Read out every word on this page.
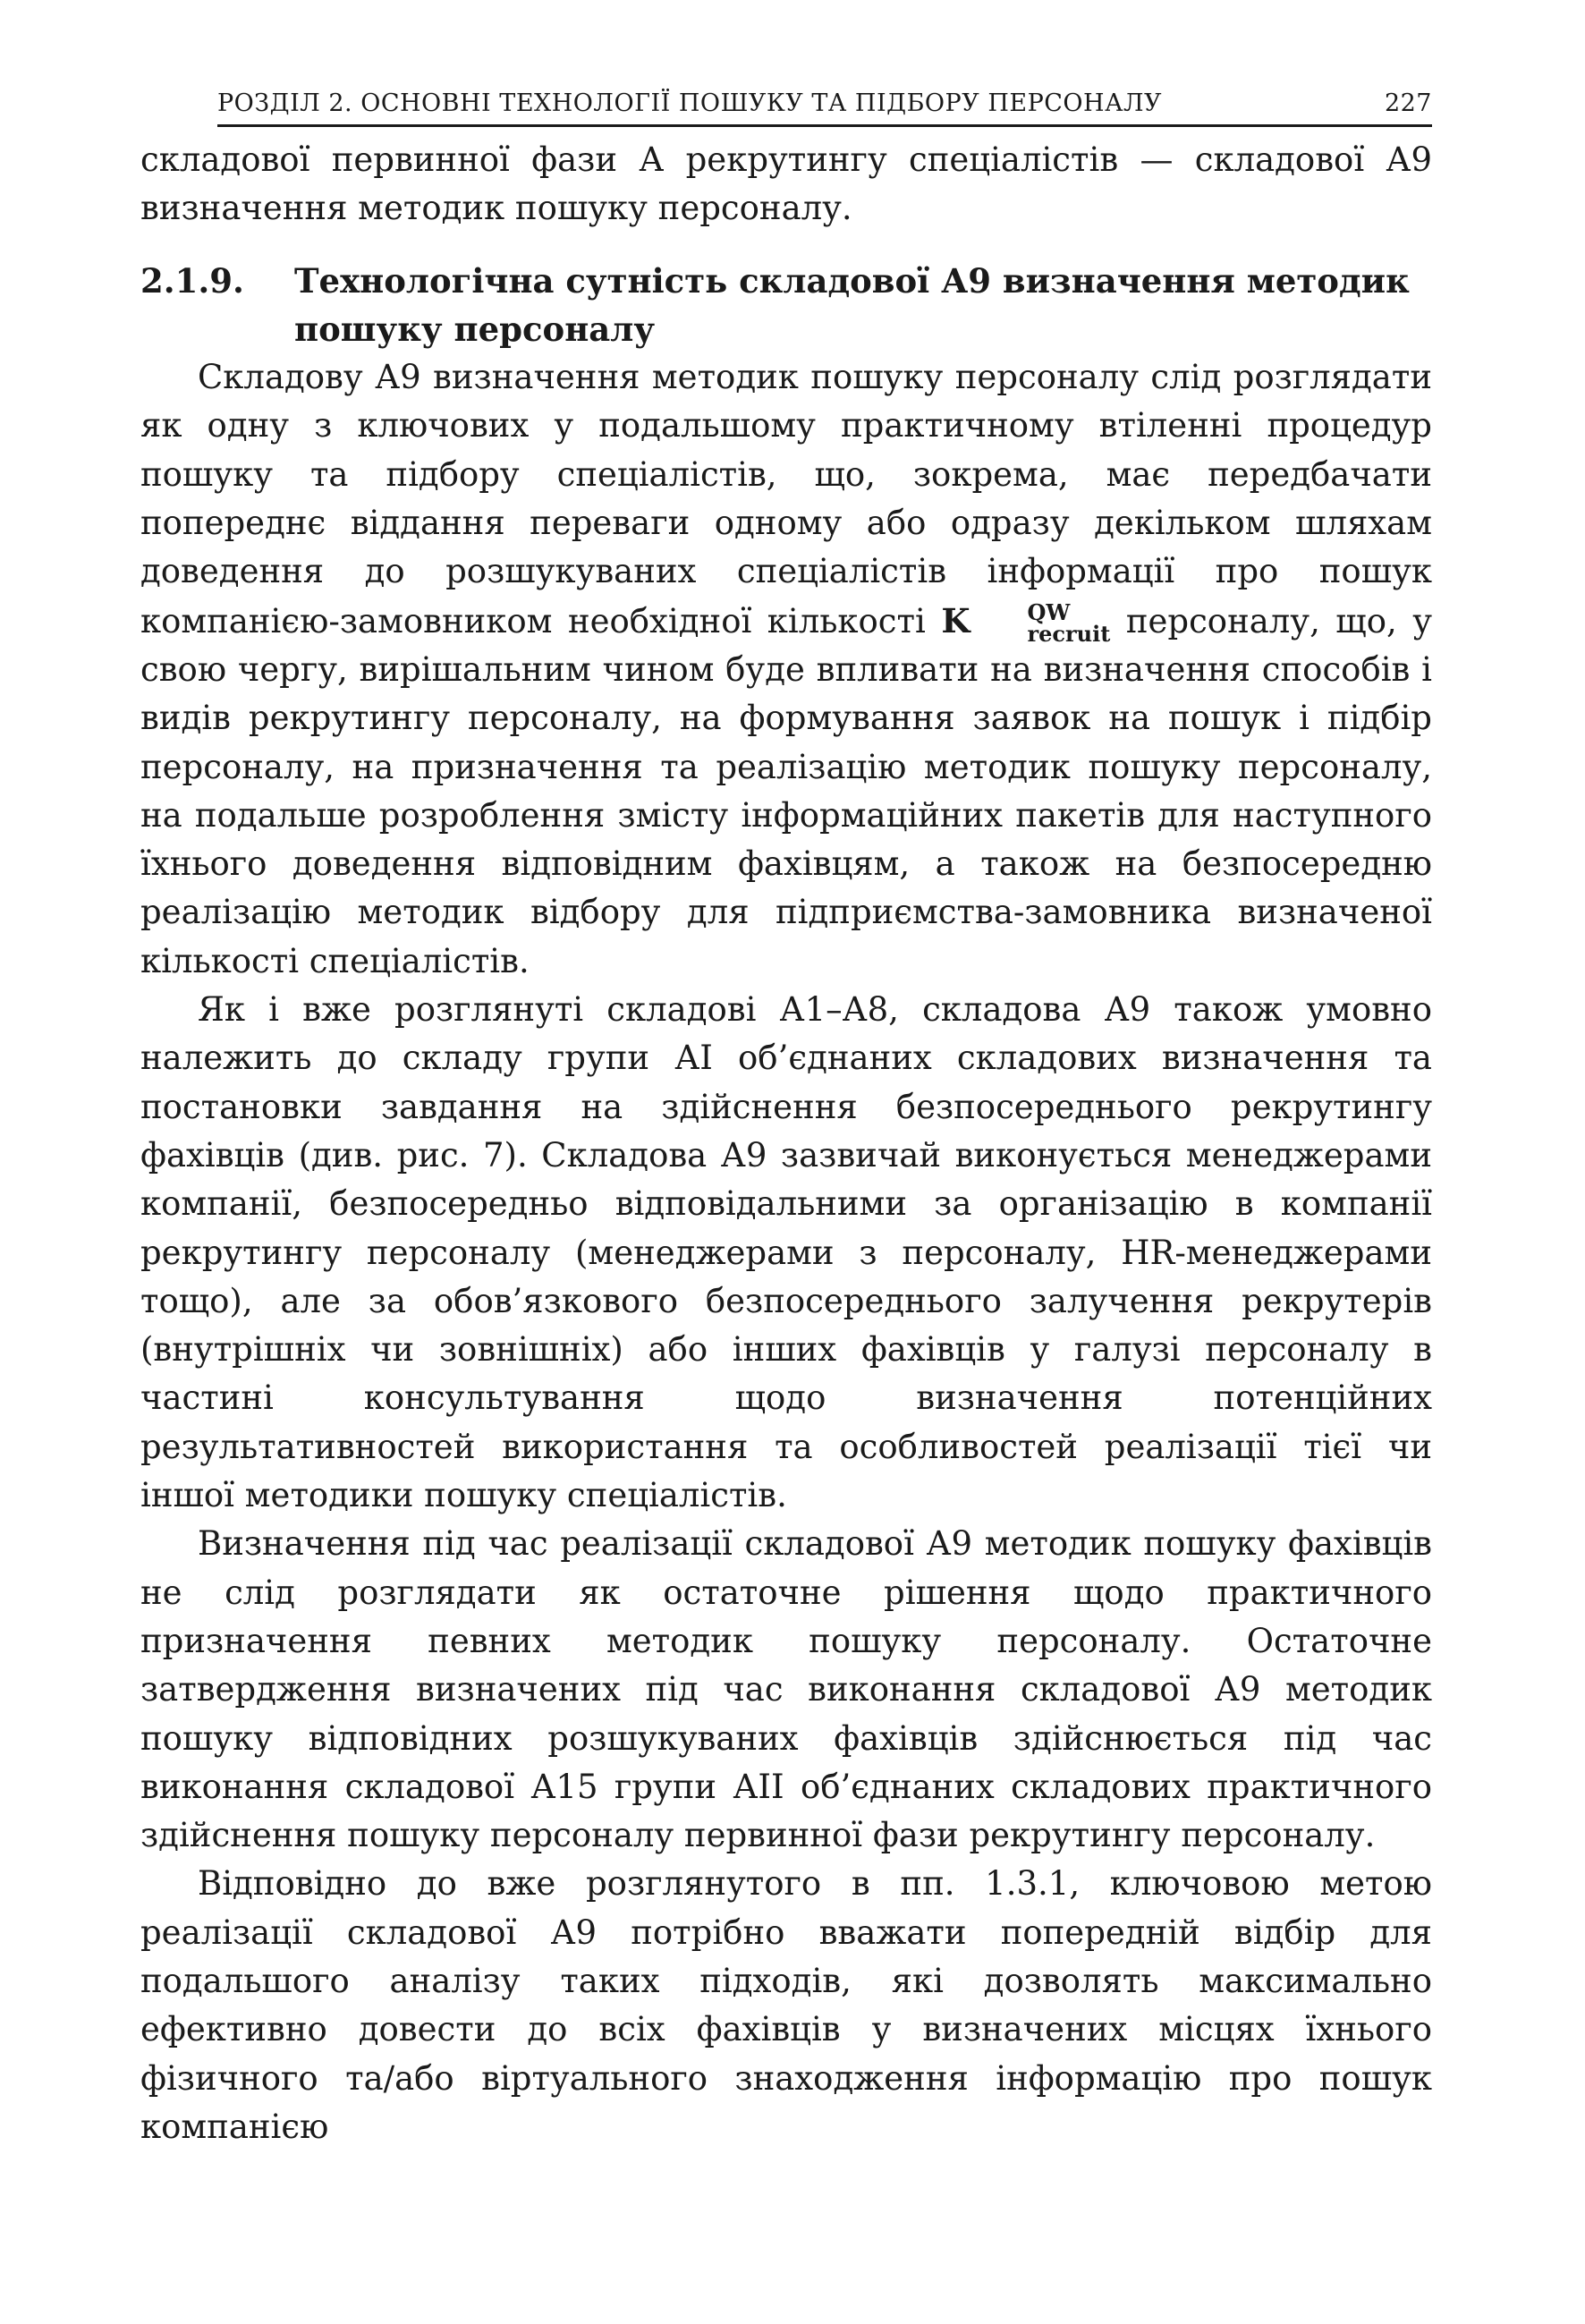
РОЗДІЛ 2. ОСНОВНІ ТЕХНОЛОГІЇ ПОШУКУ ТА ПІДБОРУ ПЕРСОНАЛУ	227

складової первинної фази А рекрутингу спеціалістів — складової А9 визначення методик пошуку персоналу.

2.1.9.	Технологічна сутність складової А9 визначення методик пошуку персоналу

Складову А9 визначення методик пошуку персоналу слід розглядати як одну з ключових у подальшому практичному втіленні процедур пошуку та підбору спеціалістів, що, зокрема, має передбачати попереднє віддання переваги одному або одразу декільком шляхам доведення до розшукуваних спеціалістів інформації про пошук компанією-замовником необхідної кількості K	QW
recruit персоналу, що, у свою чергу, вирішальним чином буде впливати на визначення способів і видів рекрутингу персоналу, на формування заявок на пошук і підбір персоналу, на призначення та реалізацію методик пошуку персоналу, на подальше розроблення змісту інформаційних пакетів для наступного їхнього доведення відповідним фахівцям, а також на безпосередню реалізацію методик відбору для підприємства-замовника визначеної кількості спеціалістів.

Як і вже розглянуті складові А1–А8, складова А9 також умовно належить до складу групи АІ об’єднаних складових визначення та постановки завдання на здійснення безпосереднього рекрутингу фахівців (див. рис. 7). Складова А9 зазвичай виконується менеджерами компанії, безпосередньо відповідальними за організацію в компанії рекрутингу персоналу (менеджерами з персоналу, HR-менеджерами тощо), але за обов’язкового безпосереднього залучення рекрутерів (внутрішніх чи зовнішніх) або інших фахівців у галузі персоналу в частині консультування щодо визначення потенційних результативностей використання та особливостей реалізації тієї чи іншої методики пошуку спеціалістів.

Визначення під час реалізації складової А9 методик пошуку фахівців не слід розглядати як остаточне рішення щодо практичного призначення певних методик пошуку персоналу. Остаточне затвердження визначених під час виконання складової А9 методик пошуку відповідних розшукуваних фахівців здійснюється під час виконання складової А15 групи АІІ об’єднаних складових практичного здійснення пошуку персоналу первинної фази рекрутингу персоналу.

Відповідно до вже розглянутого в пп. 1.3.1, ключовою метою реалізації складової А9 потрібно вважати попередній відбір для подальшого аналізу таких підходів, які дозволять максимально ефективно довести до всіх фахівців у визначених місцях їхнього фізичного та/або віртуального знаходження інформацію про пошук компанією
